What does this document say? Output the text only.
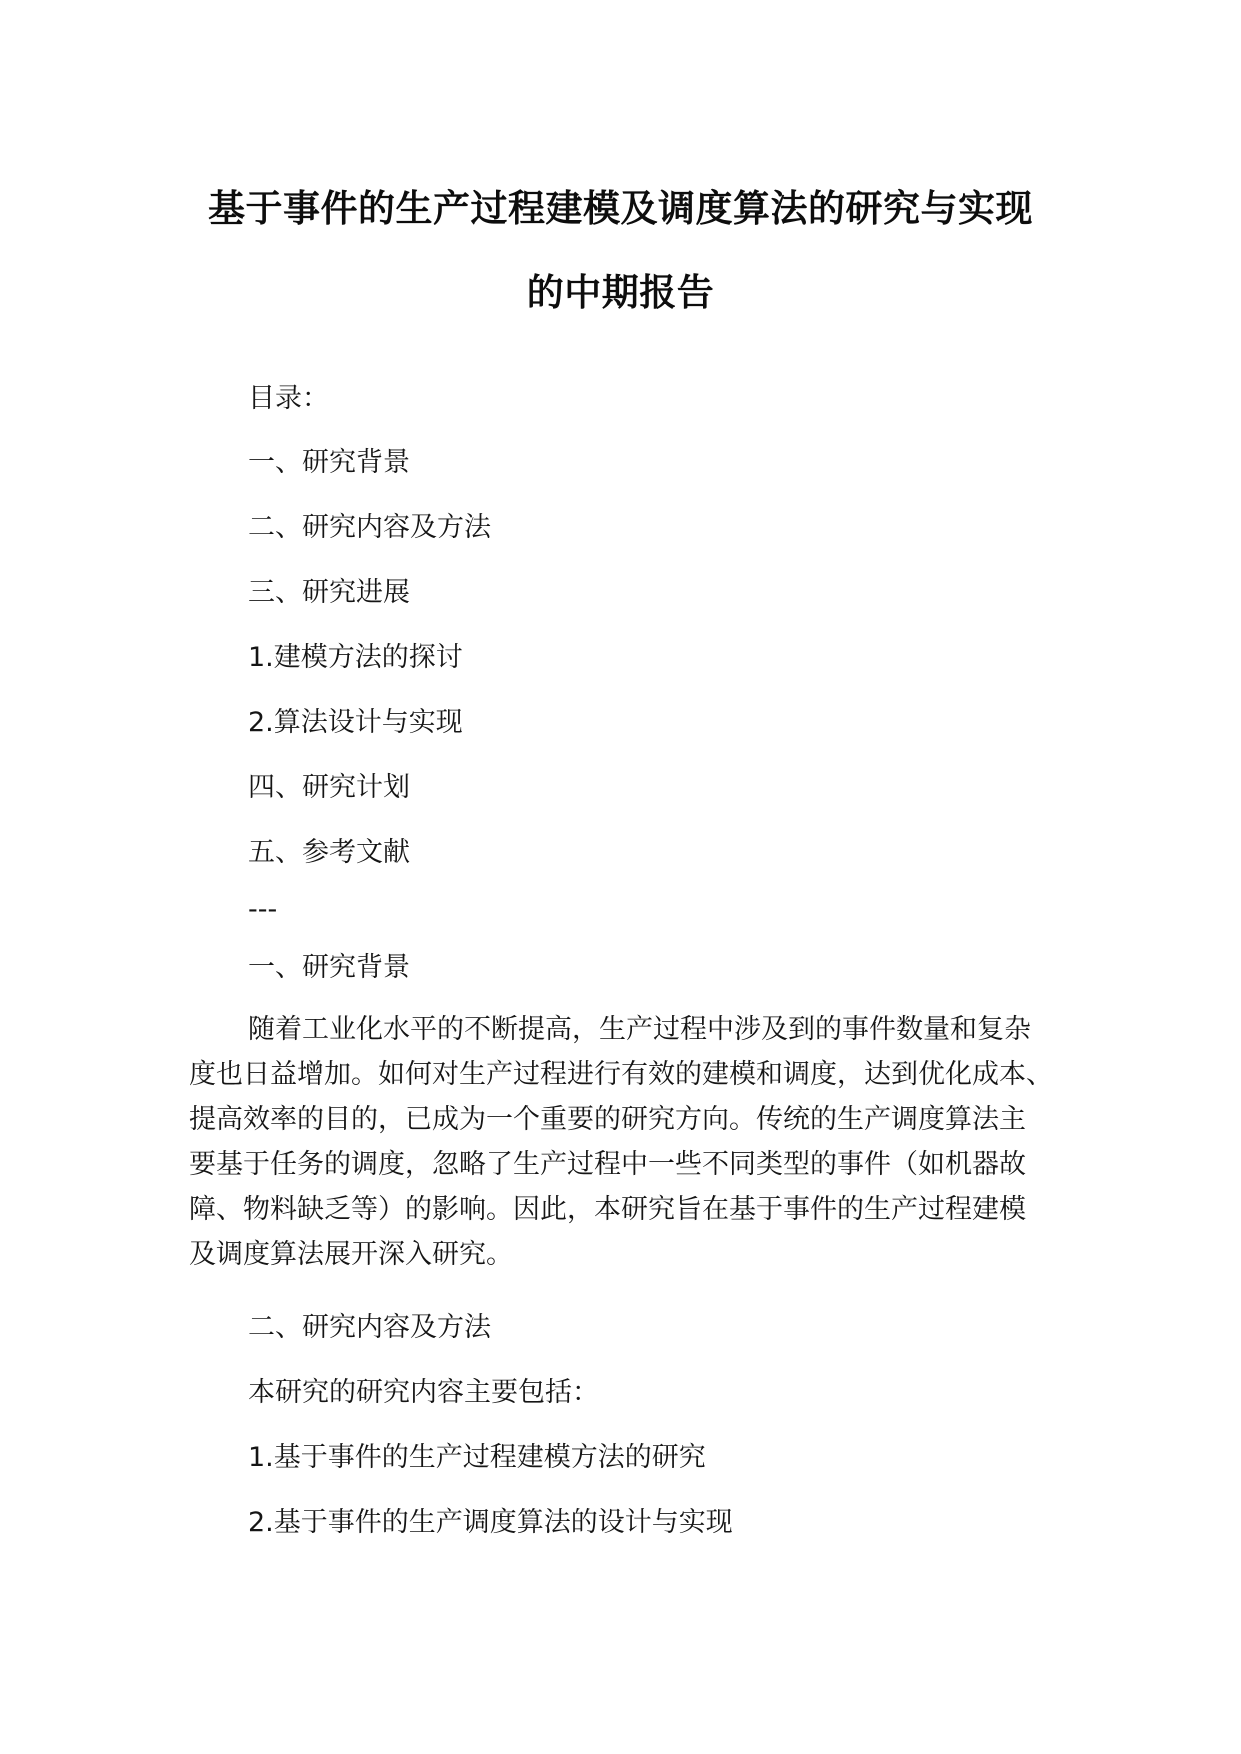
基于事件的生产过程建模及调度算法的研究与实现
的中期报告
目录：
一、研究背景
二、研究内容及方法
三、研究进展
1.建模方法的探讨
2.算法设计与实现
四、研究计划
五、参考文献
---
一、研究背景
随着工业化水平的不断提高，生产过程中涉及到的事件数量和复杂
度也日益增加。如何对生产过程进行有效的建模和调度，达到优化成本、
提高效率的目的，已成为一个重要的研究方向。传统的生产调度算法主
要基于任务的调度，忽略了生产过程中一些不同类型的事件（如机器故
障、物料缺乏等）的影响。因此，本研究旨在基于事件的生产过程建模
及调度算法展开深入研究。
二、研究内容及方法
本研究的研究内容主要包括：
1.基于事件的生产过程建模方法的研究
2.基于事件的生产调度算法的设计与实现
